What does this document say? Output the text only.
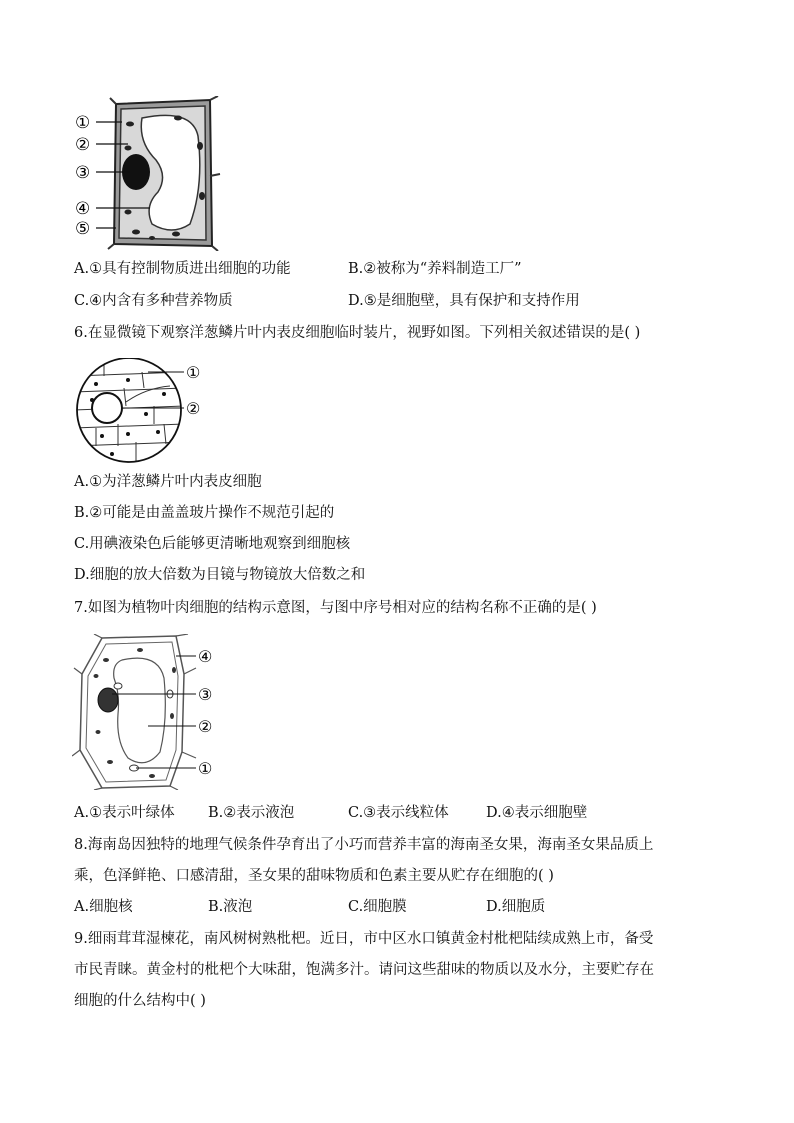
①
②
③
④
⑤
A.①具有控制物质进出细胞的功能	B.②被称为“养料制造工厂”
C.④内含有多种营养物质	D.⑤是细胞壁，具有保护和支持作用
6.在显微镜下观察洋葱鳞片叶内表皮细胞临时装片，视野如图。下列相关叙述错误的是( )
①
②
A.①为洋葱鳞片叶内表皮细胞
B.②可能是由盖盖玻片操作不规范引起的
C.用碘液染色后能够更清晰地观察到细胞核
D.细胞的放大倍数为目镜与物镜放大倍数之和
7.如图为植物叶肉细胞的结构示意图，与图中序号相对应的结构名称不正确的是( )
④
③
②
①
A.①表示叶绿体 B.②表示液泡	C.③表示线粒体	D.④表示细胞壁
8.海南岛因独特的地理气候条件孕育出了小巧而营养丰富的海南圣女果，海南圣女果品质上
乘，色泽鲜艳、口感清甜，圣女果的甜味物质和色素主要从贮存在细胞的( )
A.细胞核	B.液泡	C.细胞膜	D.细胞质
9.细雨茸茸湿楝花，南风树树熟枇杷。近日，市中区水口镇黄金村枇杷陆续成熟上市，备受
市民青睐。黄金村的枇杷个大味甜，饱满多汁。请问这些甜味的物质以及水分，主要贮存在
细胞的什么结构中( )
